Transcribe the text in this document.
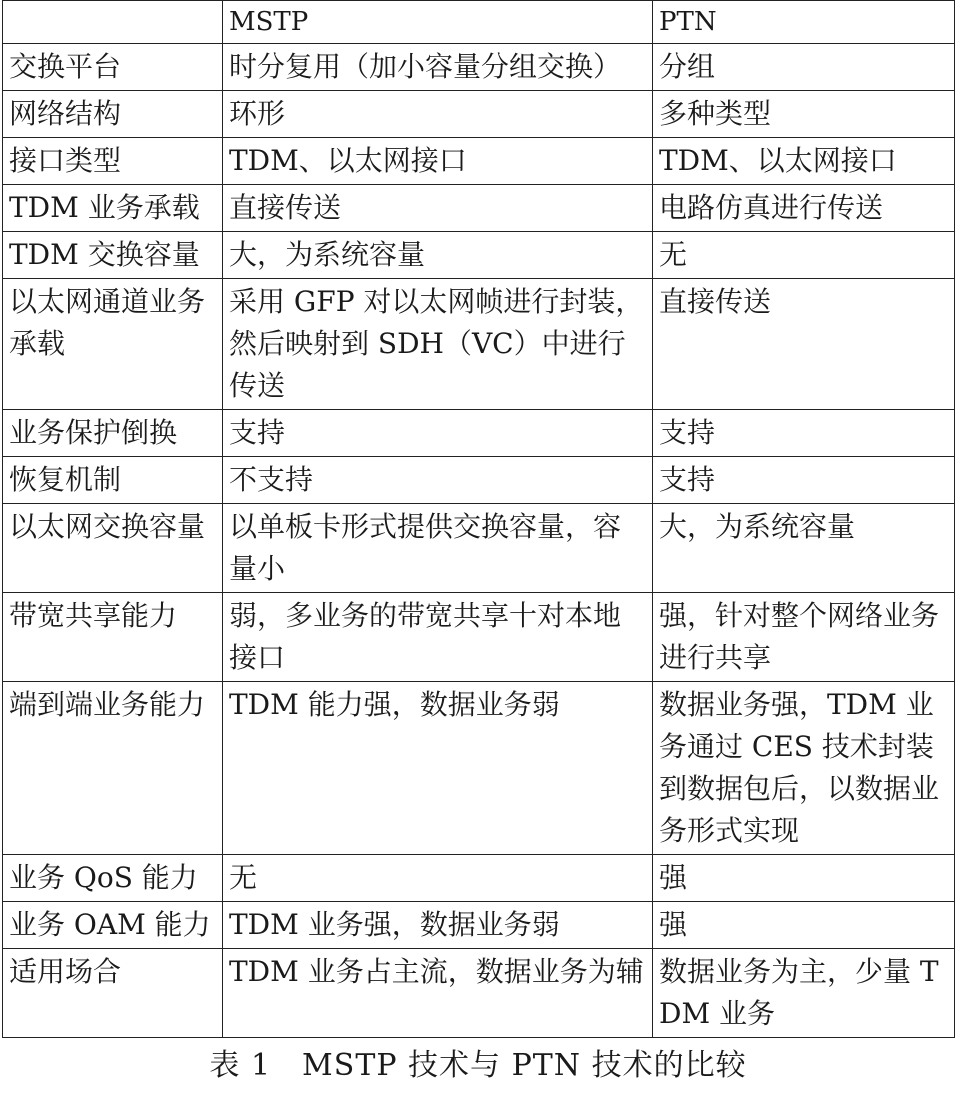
	MSTP	PTN
交换平台	时分复用（加小容量分组交换）	分组
网络结构	环形	多种类型
接口类型	TDM、以太网接口	TDM、以太网接口
TDM 业务承载	直接传送	电路仿真进行传送
TDM 交换容量	大，为系统容量	无
以太网通道业务承载	采用 GFP 对以太网帧进行封装，然后映射到 SDH（VC）中进行传送	直接传送
业务保护倒换	支持	支持
恢复机制	不支持	支持
以太网交换容量	以单板卡形式提供交换容量，容量小	大，为系统容量
带宽共享能力	弱，多业务的带宽共享十对本地接口	强，针对整个网络业务进行共享
端到端业务能力	TDM 能力强，数据业务弱	数据业务强，TDM 业务通过 CES 技术封装到数据包后，以数据业务形式实现
业务 QoS 能力	无	强
业务 OAM 能力	TDM 业务强，数据业务弱	强
适用场合	TDM 业务占主流，数据业务为辅	数据业务为主，少量 TDM 业务
表 1　MSTP 技术与 PTN 技术的比较
